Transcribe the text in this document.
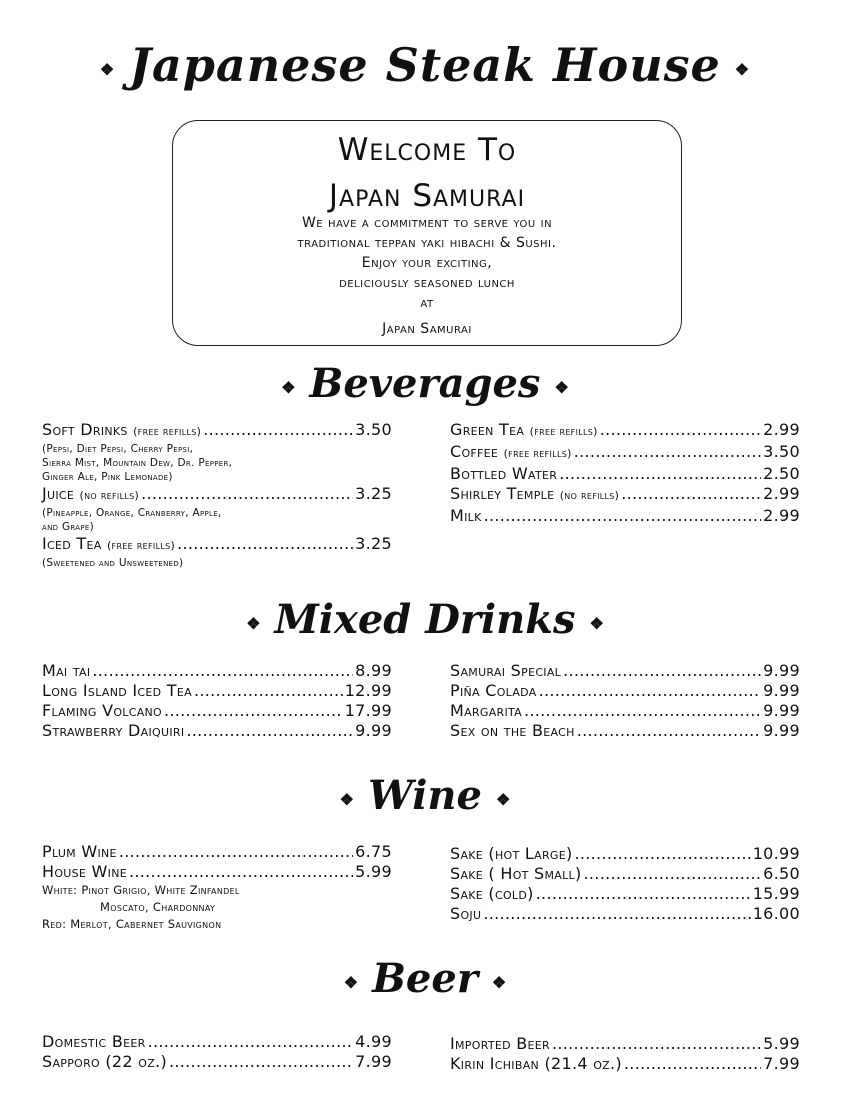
❖ Japanese Steak House ❖
Welcome To
Japan Samurai
We have a commitment to serve you in
traditional teppan yaki hibachi & Sushi.
Enjoy your exciting,
deliciously seasoned lunch
at
Japan Samurai
❖ Beverages ❖
Soft Drinks (free refills) .....	3.50
(Pepsi, Diet Pepsi, Cherry Pepsi,
Sierra Mist, Mountain Dew, Dr. Pepper,
Ginger Ale, Pink Lemonade)
Juice (no refills) .....	3.25
(Pineapple, Orange, Cranberry, Apple,
and Grape)
Iced Tea (free refills) .....	3.25
(Sweetened and Unsweetened)
Green Tea (free refills) .....	2.99
Coffee (free refills) .....	3.50
Bottled Water .....	2.50
Shirley Temple (no refills) .....	2.99
Milk .....	2.99
❖ Mixed Drinks ❖
Mai tai .....	8.99
Long Island Iced Tea .....	12.99
Flaming Volcano .....	17.99
Strawberry Daiquiri .....	9.99
Samurai Special .....	9.99
Piña Colada .....	9.99
Margarita .....	9.99
Sex on the Beach .....	9.99
❖ Wine ❖
Plum Wine .....	6.75
House Wine .....	5.99
White: Pinot Grigio, White Zinfandel
Moscato, Chardonnay
Red: Merlot, Cabernet Sauvignon
Sake (hot Large) .....	10.99
Sake ( Hot Small) .....	6.50
Sake (cold) .....	15.99
Soju .....	16.00
❖ Beer ❖
Domestic Beer .....	4.99
Sapporo (22 oz.) .....	7.99
Imported Beer .....	5.99
Kirin Ichiban (21.4 oz.) .....	7.99
